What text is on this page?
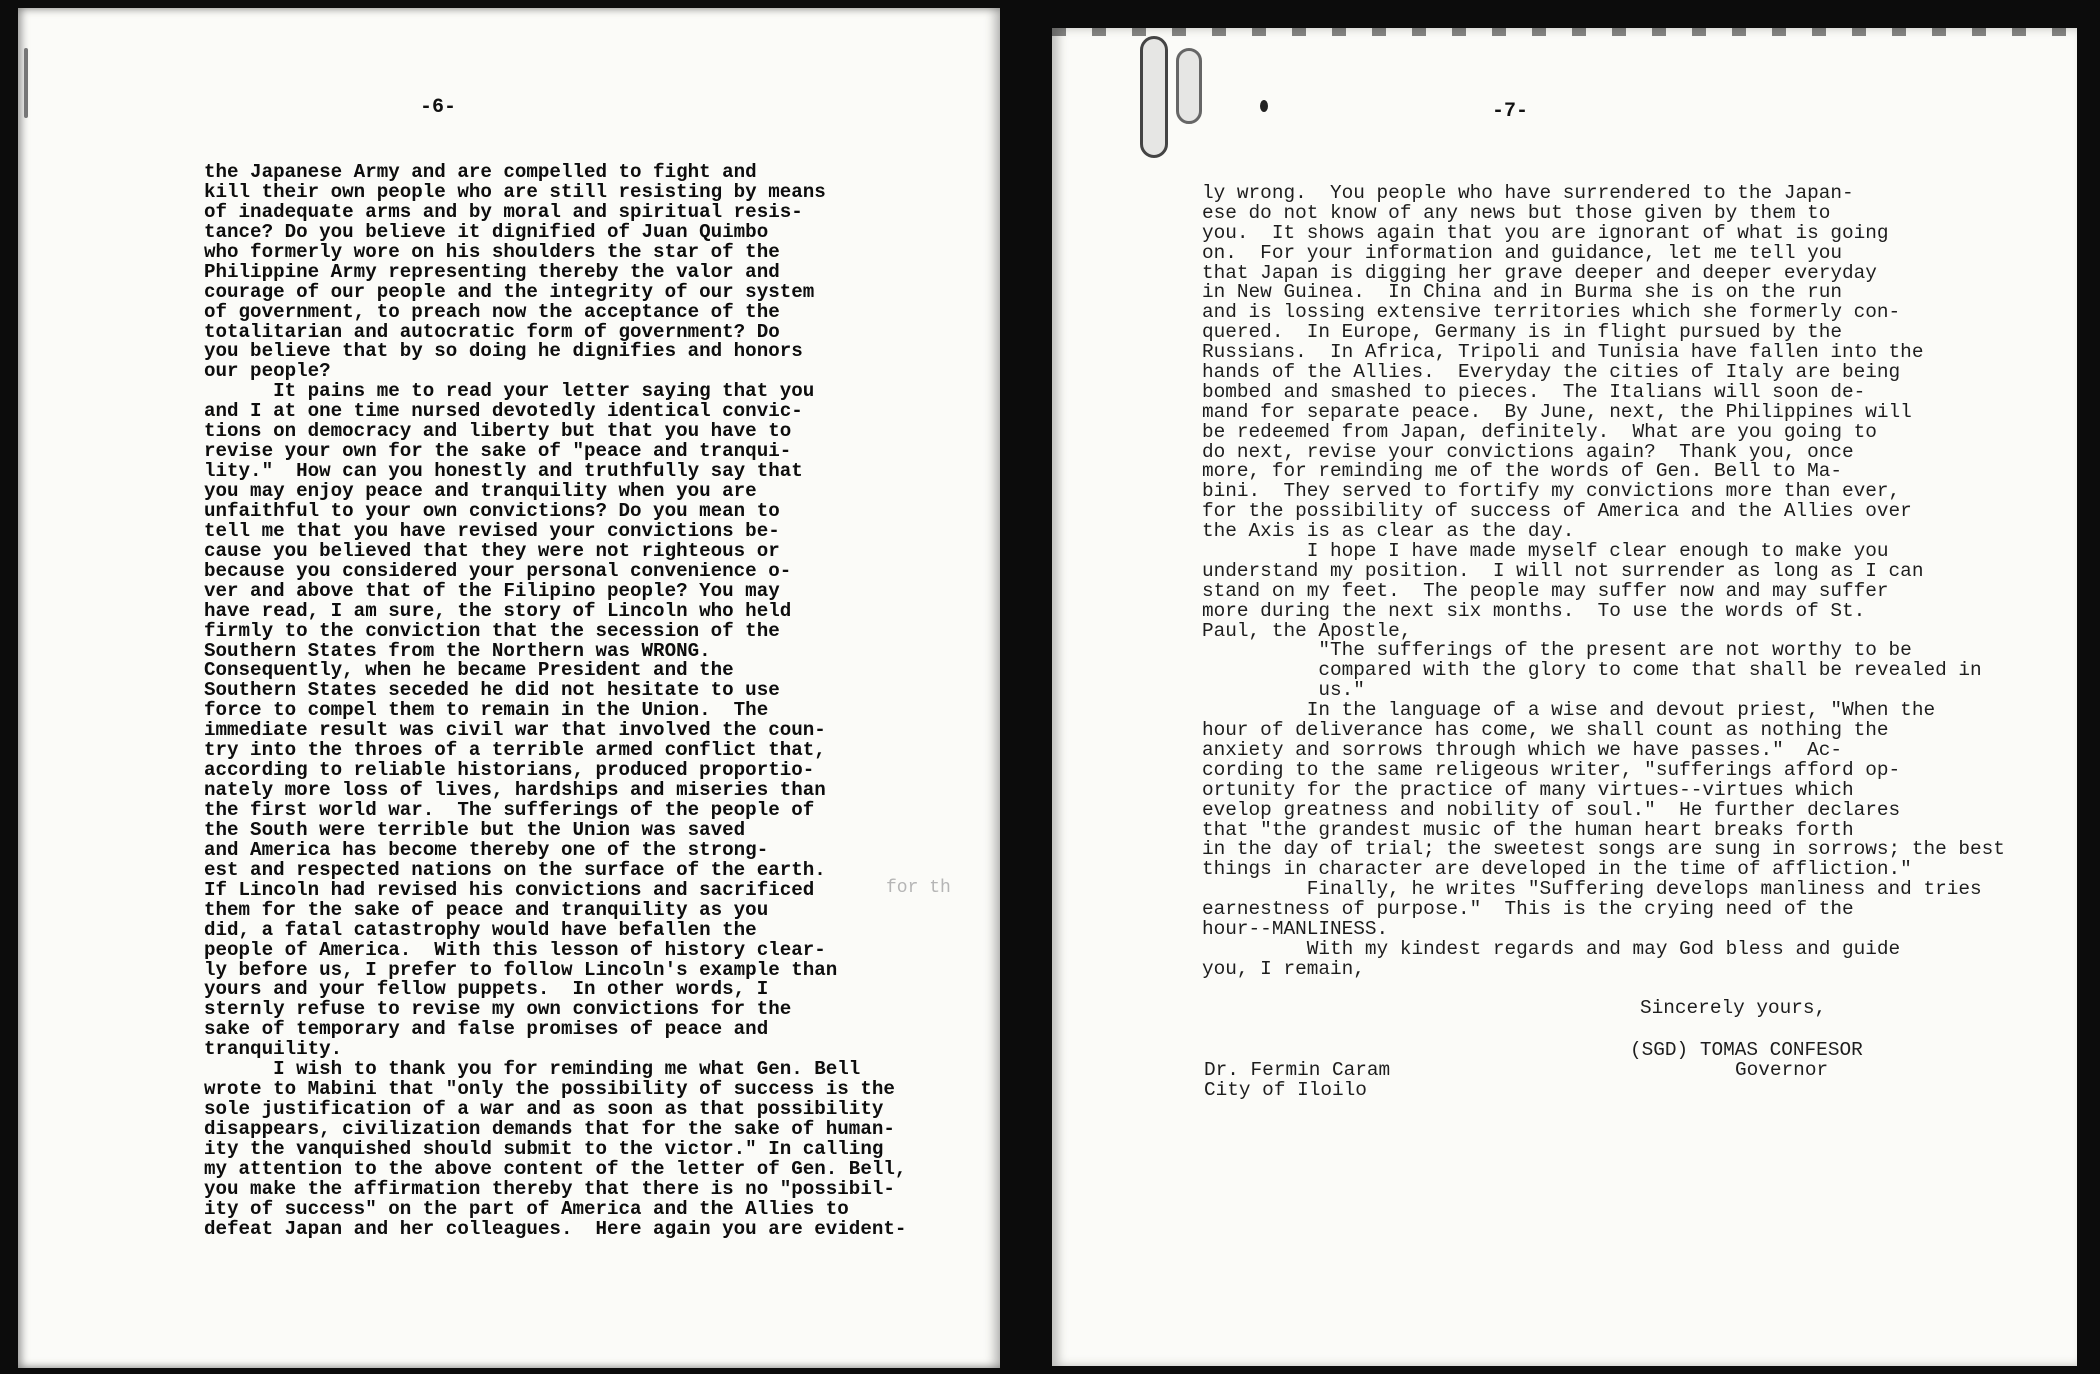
-6-
the Japanese Army and are compelled to fight and
kill their own people who are still resisting by means
of inadequate arms and by moral and spiritual resis-
tance? Do you believe it dignified of Juan Quimbo
who formerly wore on his shoulders the star of the
Philippine Army representing thereby the valor and
courage of our people and the integrity of our system
of government, to preach now the acceptance of the
totalitarian and autocratic form of government? Do
you believe that by so doing he dignifies and honors
our people?
It pains me to read your letter saying that you
and I at one time nursed devotedly identical convic-
tions on democracy and liberty but that you have to
revise your own for the sake of "peace and tranqui-
lity."  How can you honestly and truthfully say that
you may enjoy peace and tranquility when you are
unfaithful to your own convictions? Do you mean to
tell me that you have revised your convictions be-
cause you believed that they were not righteous or
because you considered your personal convenience o-
ver and above that of the Filipino people? You may
have read, I am sure, the story of Lincoln who held
firmly to the conviction that the secession of the
Southern States from the Northern was WRONG.
Consequently, when he became President and the
Southern States seceded he did not hesitate to use
force to compel them to remain in the Union.  The
immediate result was civil war that involved the coun-
try into the throes of a terrible armed conflict that,
according to reliable historians, produced proportio-
nately more loss of lives, hardships and miseries than
the first world war.  The sufferings of the people of
the South were terrible but the Union was saved
and America has become thereby one of the strong-
est and respected nations on the surface of the earth.
If Lincoln had revised his convictions and sacrificed
them for the sake of peace and tranquility as you
did, a fatal catastrophy would have befallen the
people of America.  With this lesson of history clear-
ly before us, I prefer to follow Lincoln's example than
yours and your fellow puppets.  In other words, I
sternly refuse to revise my own convictions for the
sake of temporary and false promises of peace and
tranquility.
I wish to thank you for reminding me what Gen. Bell
wrote to Mabini that "only the possibility of success is the
sole justification of a war and as soon as that possibility
disappears, civilization demands that for the sake of human-
ity the vanquished should submit to the victor." In calling
my attention to the above content of the letter of Gen. Bell,
you make the affirmation thereby that there is no "possibil-
ity of success" on the part of America and the Allies to
defeat Japan and her colleagues.  Here again you are evident-
for th
-7-
ly wrong.  You people who have surrendered to the Japan-
ese do not know of any news but those given by them to
you.  It shows again that you are ignorant of what is going
on.  For your information and guidance, let me tell you
that Japan is digging her grave deeper and deeper everyday
in New Guinea.  In China and in Burma she is on the run
and is lossing extensive territories which she formerly con-
quered.  In Europe, Germany is in flight pursued by the
Russians.  In Africa, Tripoli and Tunisia have fallen into the
hands of the Allies.  Everyday the cities of Italy are being
bombed and smashed to pieces.  The Italians will soon de-
mand for separate peace.  By June, next, the Philippines will
be redeemed from Japan, definitely.  What are you going to
do next, revise your convictions again?  Thank you, once
more, for reminding me of the words of Gen. Bell to Ma-
bini.  They served to fortify my convictions more than ever,
for the possibility of success of America and the Allies over
the Axis is as clear as the day.
I hope I have made myself clear enough to make you
understand my position.  I will not surrender as long as I can
stand on my feet.  The people may suffer now and may suffer
more during the next six months.  To use the words of St.
Paul, the Apostle,
"The sufferings of the present are not worthy to be
compared with the glory to come that shall be revealed in
us."
In the language of a wise and devout priest, "When the
hour of deliverance has come, we shall count as nothing the
anxiety and sorrows through which we have passes."  Ac-
cording to the same religeous writer, "sufferings afford op-
ortunity for the practice of many virtues--virtues which
evelop greatness and nobility of soul."  He further declares
that "the grandest music of the human heart breaks forth
in the day of trial; the sweetest songs are sung in sorrows; the best
things in character are developed in the time of affliction."
Finally, he writes "Suffering develops manliness and tries
earnestness of purpose."  This is the crying need of the
hour--MANLINESS.
With my kindest regards and may God bless and guide
you, I remain,
Sincerely yours,
(SGD) TOMAS CONFESOR
Governor
Dr. Fermin Caram
City of Iloilo
